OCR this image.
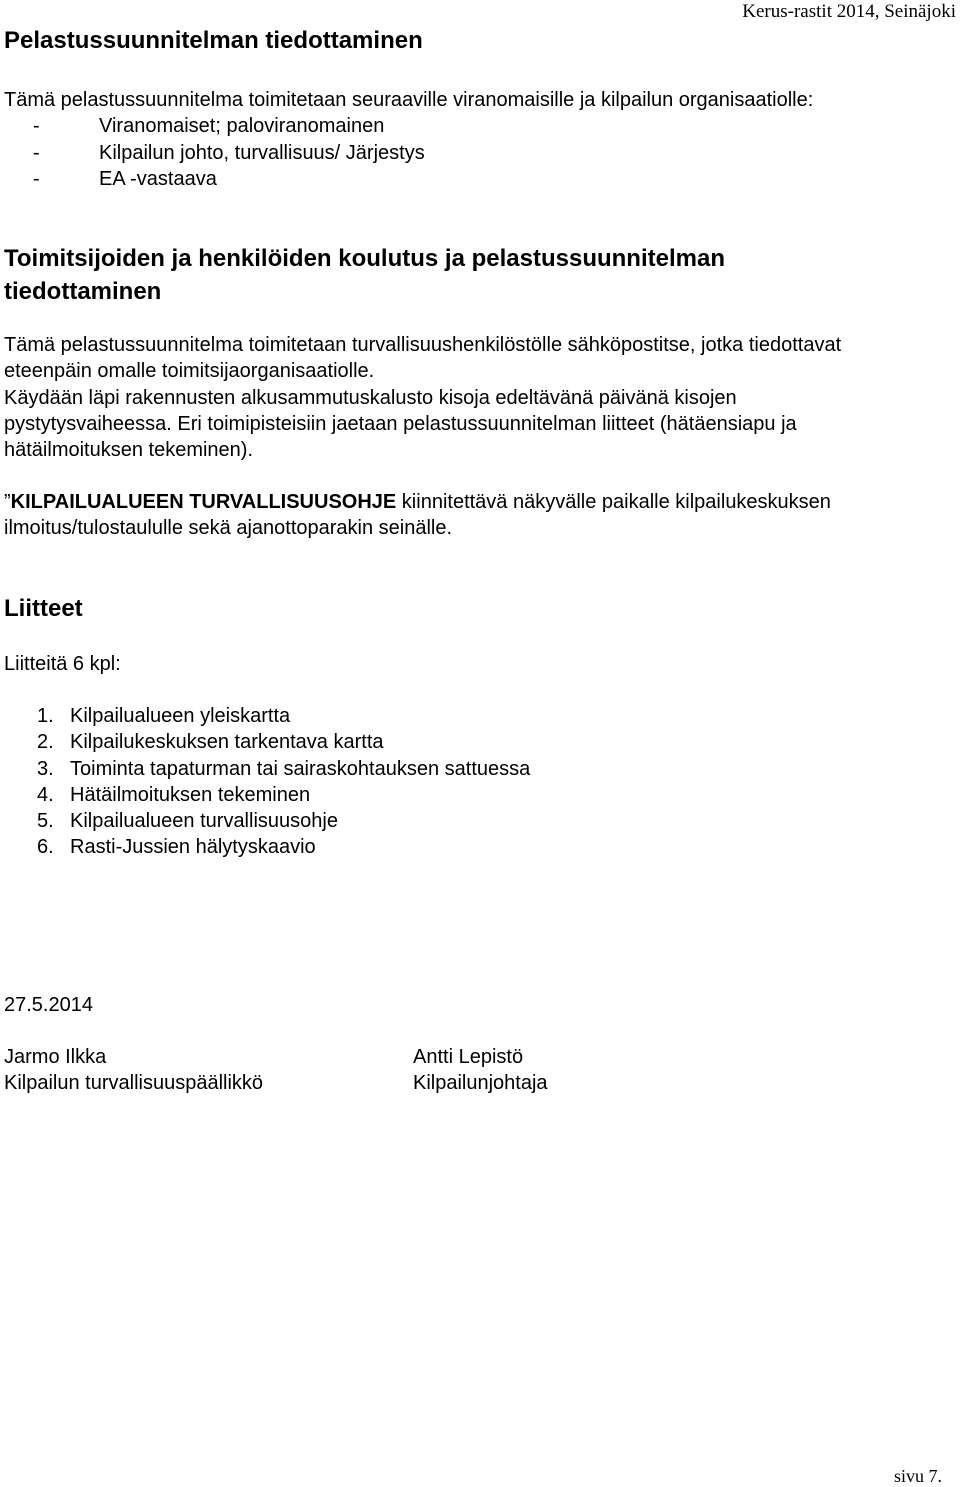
Pelastussuunnitelman tiedottaminen
Kerus-rastit 2014, Seinäjoki
Tämä pelastussuunnitelma toimitetaan seuraaville viranomaisille ja kilpailun organisaatiolle:
-	Viranomaiset; paloviranomainen
-	Kilpailun johto, turvallisuus/ Järjestys
-	EA -vastaava
Toimitsijoiden ja henkilöiden koulutus ja pelastussuunnitelman
tiedottaminen
Tämä pelastussuunnitelma toimitetaan turvallisuushenkilöstölle sähköpostitse, jotka tiedottavat
eteenpäin omalle toimitsijaorganisaatiolle.
Käydään läpi rakennusten alkusammutuskalusto kisoja edeltävänä päivänä kisojen
pystytysvaiheessa. Eri toimipisteisiin jaetaan pelastussuunnitelman liitteet (hätäensiapu ja
hätäilmoituksen tekeminen).
”KILPAILUALUEEN TURVALLISUUSOHJE kiinnitettävä näkyvälle paikalle kilpailukeskuksen
ilmoitus/tulostaululle sekä ajanottoparakin seinälle.
Liitteet
Liitteitä 6 kpl:
1. Kilpailualueen yleiskartta
2. Kilpailukeskuksen tarkentava kartta
3. Toiminta tapaturman tai sairaskohtauksen sattuessa
4. Hätäilmoituksen tekeminen
5. Kilpailualueen turvallisuusohje
6. Rasti-Jussien hälytyskaavio
27.5.2014
Jarmo Ilkka
Kilpailun turvallisuuspäällikkö
Antti Lepistö
Kilpailunjohtaja
sivu 7.
